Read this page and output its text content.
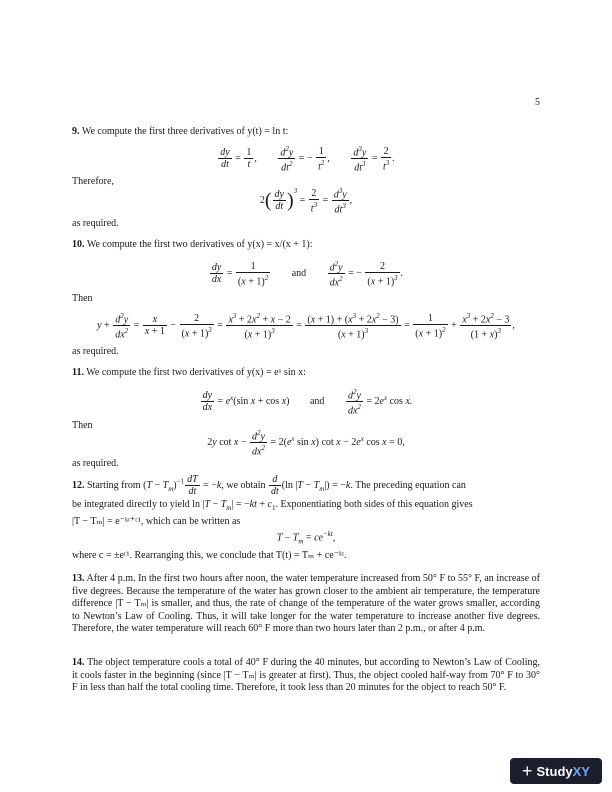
5
9. We compute the first three derivatives of y(t) = ln t:
$\frac{dy}{dt} = \frac{1}{t}$ , $\frac{d^2y}{dt^2}$ = − $\frac{1}{t^2}$ , $\frac{d^3y}{dt^3} = \frac{2}{t^3}$ .
Therefore,
$2( \frac{dy}{dt} )^3 = \frac{2}{t^3} = \frac{d^3y}{dt^3}$ ,
as required.
10. We compute the first two derivatives of y(x) = x/(x + 1):
$\frac{dy}{dx} = \frac{1}{(x + 1)^2}$ and $\frac{d^2y}{dx^2}$ = − $\frac{2}{(x + 1)^3}$ .
Then
$y + \frac{d^2y}{dx^2} = \frac{x}{x + 1} - \frac{2}{(x + 1)^3} = \frac{x^3 + 2x^2 + x - 2}{(x + 1)^3} = \frac{(x + 1) + (x^3 + 2x^2 - 3)}{(x + 1)^3} = \frac{1}{(x + 1)^2} + \frac{x^3 + 2x^2 - 3}{(1 + x)^3}$ ,
as required.
11. We compute the first two derivatives of y(x) = eˣ sin x:
$\frac{dy}{dx} = e^x(\sin$ x + cos x) and $\frac{d^2y}{dx^2} = 2e^x$ cos x.
Then
2y $\cot x - \frac{d^2y}{dx^2} = 2(e^x$ sin x) $\cot x - 2e^x$ cos x = 0,
as required.
12. Starting from $(T - T_m)^{-1} \frac{dT}{dt} = -k$, we obtain $\frac{d}{dt} (\ln$ $|T - T_m|) = -k$. The preceding equation can
be integrated directly to yield $\ln |T - T_m| = -kt + c_1$. Exponentiating both sides of this equation gives
|T − Tₘ| = e⁻ᵏᵗ⁺ᶜ¹, which can be written as
$T - T_m = ce^{-kt}$,
where c = ±eᶜ¹. Rearranging this, we conclude that T(t) = Tₘ + ce⁻ᵏᵗ.
13. After 4 p.m. In the first two hours after noon, the water temperature increased from 50° F to 55° F, an increase of five degrees. Because the temperature of the water has grown closer to the ambient air temperature, the temperature difference |T − Tₘ| is smaller, and thus, the rate of change of the temperature of the water grows smaller, according to Newton’s Law of Cooling. Thus, it will take longer for the water temperature to increase another five degrees. Therefore, the water temperature will reach 60° F more than two hours later than 2 p.m., or after 4 p.m.
14. The object temperature cools a total of 40° F during the 40 minutes, but according to Newton’s Law of Cooling, it cools faster in the beginning (since |T − Tₘ| is greater at first). Thus, the object cooled half-way from 70° F to 30° F in less than half the total cooling time. Therefore, it took less than 20 minutes for the object to reach 50° F.
+ Study XY
